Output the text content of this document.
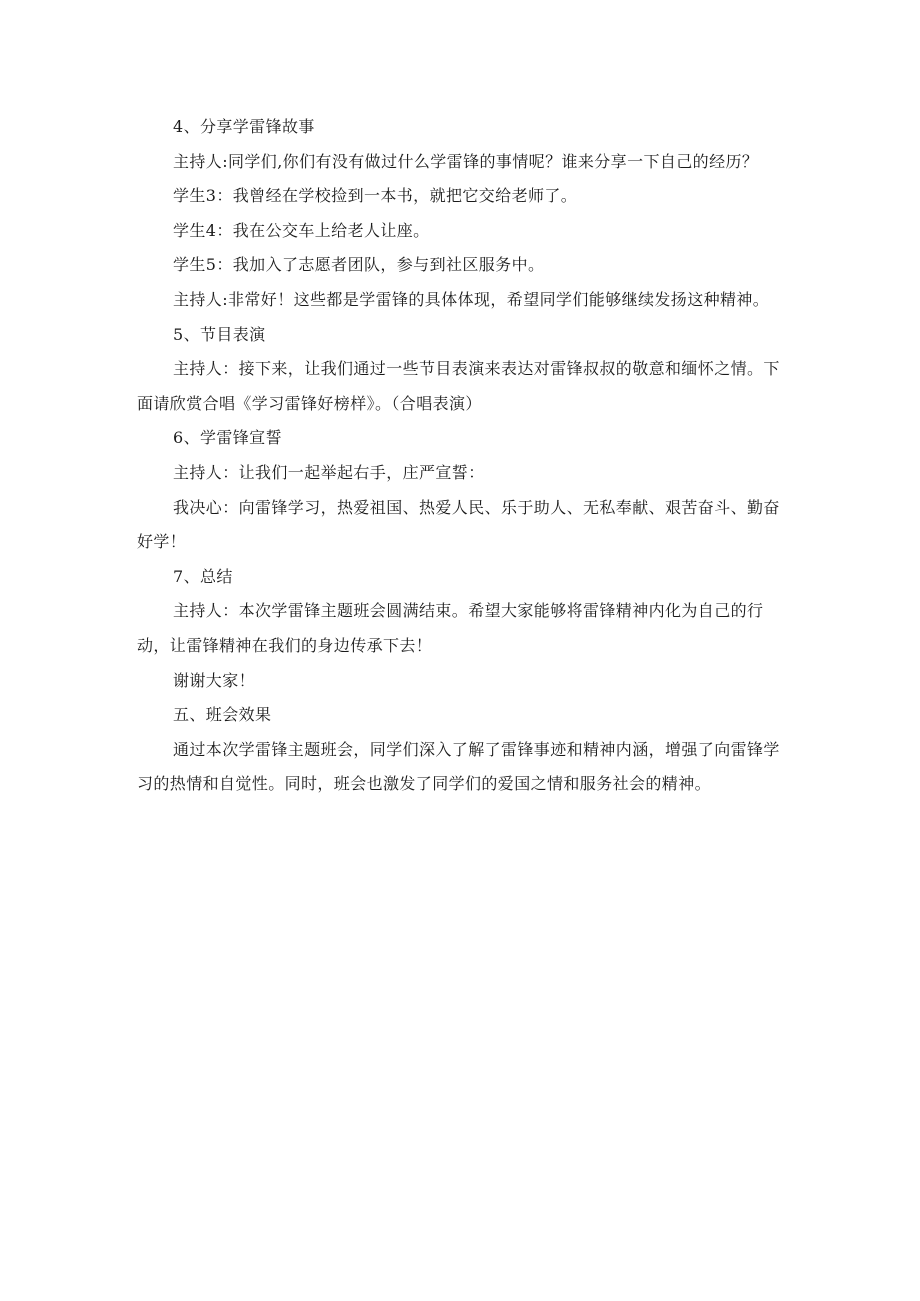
4、分享学雷锋故事

主持人:同学们,你们有没有做过什么学雷锋的事情呢？谁来分享一下自己的经历？

学生3：我曾经在学校捡到一本书，就把它交给老师了。

学生4：我在公交车上给老人让座。

学生5：我加入了志愿者团队，参与到社区服务中。

主持人:非常好！这些都是学雷锋的具体体现，希望同学们能够继续发扬这种精神。

5、节目表演

主持人：接下来，让我们通过一些节目表演来表达对雷锋叔叔的敬意和缅怀之情。下面请欣赏合唱《学习雷锋好榜样》。（合唱表演）

6、学雷锋宣誓

主持人：让我们一起举起右手，庄严宣誓：

我决心：向雷锋学习，热爱祖国、热爱人民、乐于助人、无私奉献、艰苦奋斗、勤奋好学！

7、总结

主持人：本次学雷锋主题班会圆满结束。希望大家能够将雷锋精神内化为自己的行动，让雷锋精神在我们的身边传承下去！

谢谢大家！

五、班会效果

通过本次学雷锋主题班会，同学们深入了解了雷锋事迹和精神内涵，增强了向雷锋学习的热情和自觉性。同时，班会也激发了同学们的爱国之情和服务社会的精神。
